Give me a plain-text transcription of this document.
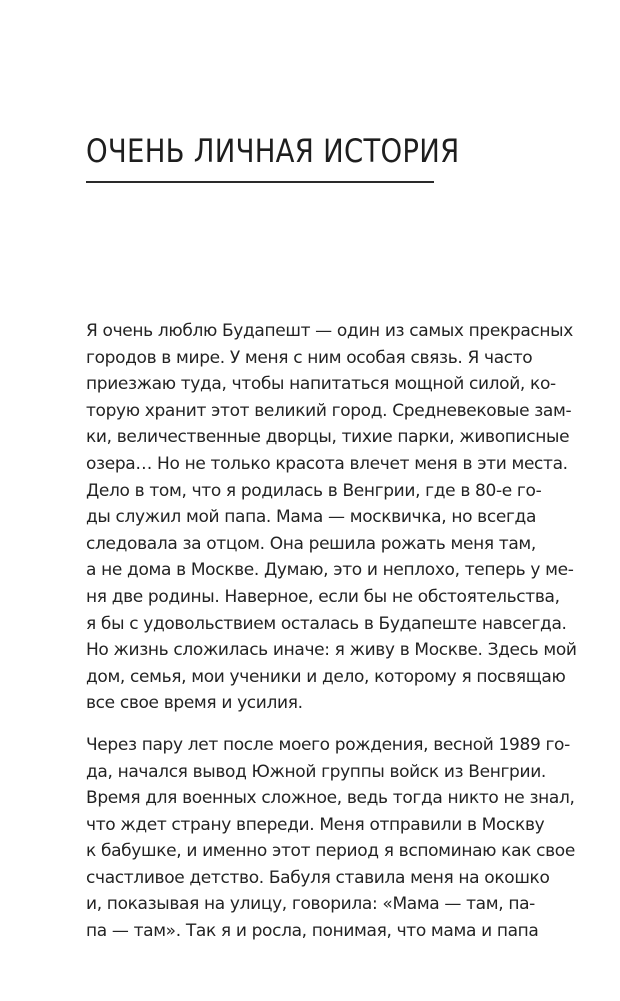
ОЧЕНЬ ЛИЧНАЯ ИСТОРИЯ

Я очень люблю Будапешт — один из самых прекрасных
городов в мире. У меня с ним особая связь. Я часто
приезжаю туда, чтобы напитаться мощной силой, ко-
торую хранит этот великий город. Средневековые зам-
ки, величественные дворцы, тихие парки, живописные
озера… Но не только красота влечет меня в эти места.
Дело в том, что я родилась в Венгрии, где в 80-е го-
ды служил мой папа. Мама — москвичка, но всегда
следовала за отцом. Она решила рожать меня там,
а не дома в Москве. Думаю, это и неплохо, теперь у ме-
ня две родины. Наверное, если бы не обстоятельства,
я бы с удовольствием осталась в Будапеште навсегда.
Но жизнь сложилась иначе: я живу в Москве. Здесь мой
дом, семья, мои ученики и дело, которому я посвящаю
все свое время и усилия.

Через пару лет после моего рождения, весной 1989 го-
да, начался вывод Южной группы войск из Венгрии.
Время для военных сложное, ведь тогда никто не знал,
что ждет страну впереди. Меня отправили в Москву
к бабушке, и именно этот период я вспоминаю как свое
счастливое детство. Бабуля ставила меня на окошко
и, показывая на улицу, говорила: «Мама — там, па-
па — там». Так я и росла, понимая, что мама и папа
